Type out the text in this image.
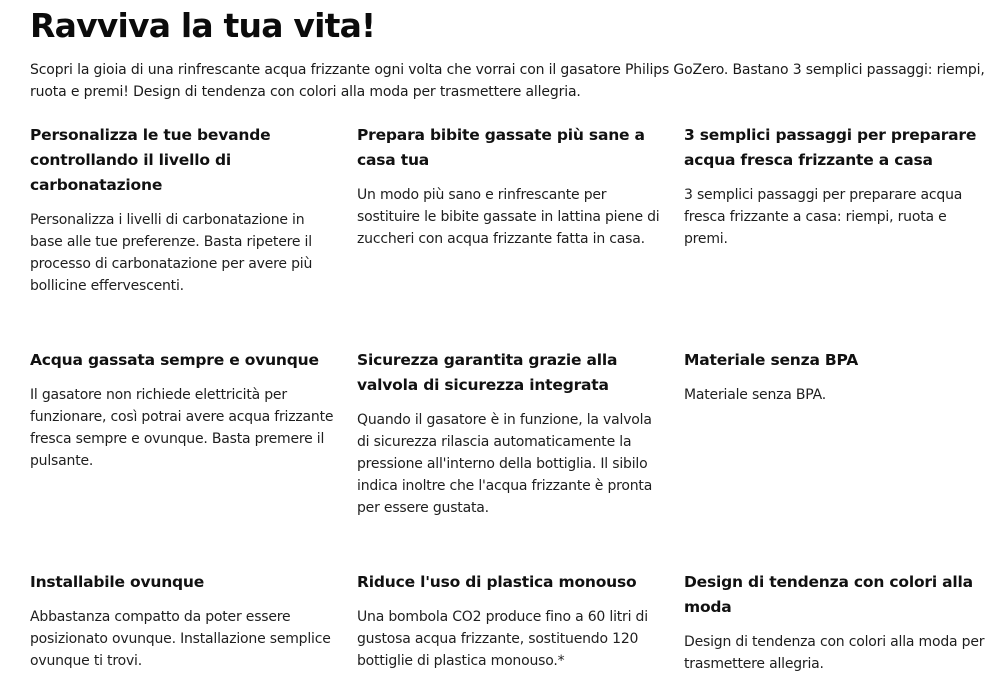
Ravviva la tua vita!

Scopri la gioia di una rinfrescante acqua frizzante ogni volta che vorrai con il gasatore Philips GoZero. Bastano 3 semplici passaggi: riempi, ruota e premi! Design di tendenza con colori alla moda per trasmettere allegria.

Personalizza le tue bevande controllando il livello di carbonatazione

Personalizza i livelli di carbonatazione in base alle tue preferenze. Basta ripetere il processo di carbonatazione per avere più bollicine effervescenti.

Prepara bibite gassate più sane a casa tua

Un modo più sano e rinfrescante per sostituire le bibite gassate in lattina piene di zuccheri con acqua frizzante fatta in casa.

3 semplici passaggi per preparare acqua fresca frizzante a casa

3 semplici passaggi per preparare acqua fresca frizzante a casa: riempi, ruota e premi.

Acqua gassata sempre e ovunque

Il gasatore non richiede elettricità per funzionare, così potrai avere acqua frizzante fresca sempre e ovunque. Basta premere il pulsante.

Sicurezza garantita grazie alla valvola di sicurezza integrata

Quando il gasatore è in funzione, la valvola di sicurezza rilascia automaticamente la pressione all'interno della bottiglia. Il sibilo indica inoltre che l'acqua frizzante è pronta per essere gustata.

Materiale senza BPA

Materiale senza BPA.

Installabile ovunque

Abbastanza compatto da poter essere posizionato ovunque. Installazione semplice ovunque ti trovi.

Riduce l'uso di plastica monouso

Una bombola CO2 produce fino a 60 litri di gustosa acqua frizzante, sostituendo 120 bottiglie di plastica monouso.*

Design di tendenza con colori alla moda

Design di tendenza con colori alla moda per trasmettere allegria.
